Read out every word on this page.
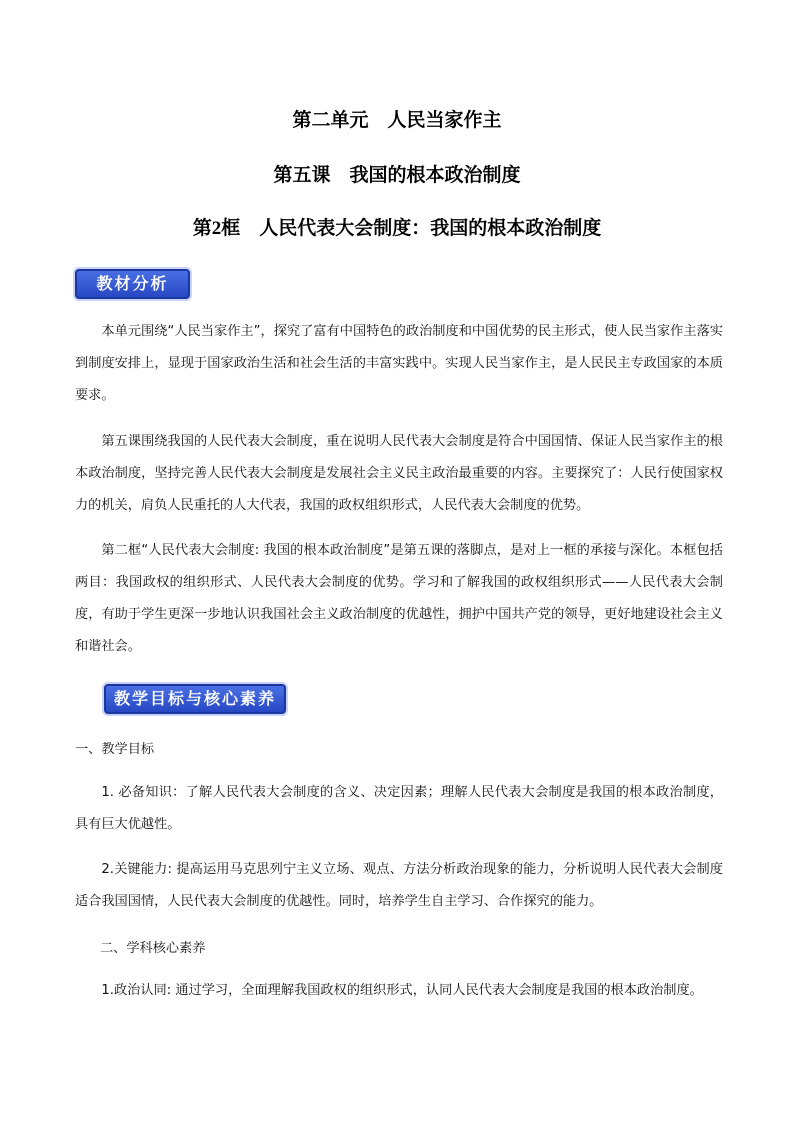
第二单元　人民当家作主
第五课　我国的根本政治制度
第2框　人民代表大会制度：我国的根本政治制度
教材分析
本单元围绕“人民当家作主”，探究了富有中国特色的政治制度和中国优势的民主形式，使人民当家作主落实到制度安排上，显现于国家政治生活和社会生活的丰富实践中。实现人民当家作主，是人民民主专政国家的本质要求。
第五课围绕我国的人民代表大会制度，重在说明人民代表大会制度是符合中国国情、保证人民当家作主的根本政治制度，坚持完善人民代表大会制度是发展社会主义民主政治最重要的内容。主要探究了：人民行使国家权力的机关，肩负人民重托的人大代表，我国的政权组织形式，人民代表大会制度的优势。
第二框“人民代表大会制度: 我国的根本政治制度”是第五课的落脚点，是对上一框的承接与深化。本框包括两目：我国政权的组织形式、人民代表大会制度的优势。学习和了解我国的政权组织形式——人民代表大会制度，有助于学生更深一步地认识我国社会主义政治制度的优越性，拥护中国共产党的领导，更好地建设社会主义和谐社会。
教学目标与核心素养
一、教学目标
1. 必备知识：了解人民代表大会制度的含义、决定因素；理解人民代表大会制度是我国的根本政治制度，具有巨大优越性。
2.关键能力: 提高运用马克思列宁主义立场、观点、方法分析政治现象的能力，分析说明人民代表大会制度适合我国国情，人民代表大会制度的优越性。同时，培养学生自主学习、合作探究的能力。
二、学科核心素养
1.政治认同: 通过学习，全面理解我国政权的组织形式，认同人民代表大会制度是我国的根本政治制度。
